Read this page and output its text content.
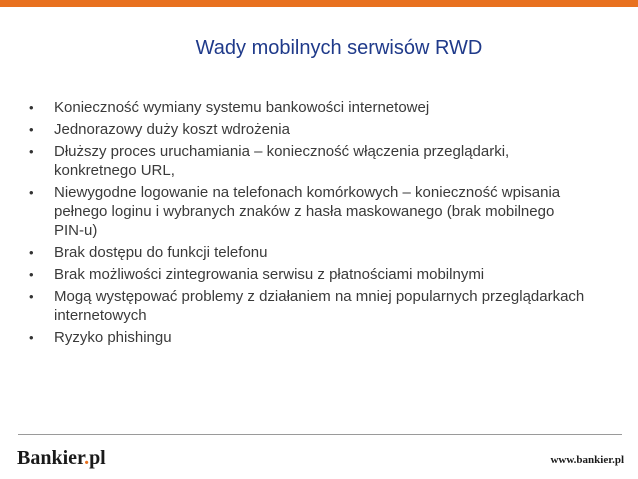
Wady mobilnych serwisów RWD
• Konieczność wymiany systemu bankowości internetowej
• Jednorazowy duży koszt wdrożenia
• Dłuższy proces uruchamiania – konieczność włączenia przeglądarki, konkretnego URL,
• Niewygodne logowanie na telefonach komórkowych – konieczność wpisania pełnego loginu i wybranych znaków z hasła maskowanego (brak mobilnego PIN-u)
• Brak dostępu do funkcji telefonu
• Brak możliwości zintegrowania serwisu z płatnościami mobilnymi
• Mogą występować problemy z działaniem na mniej popularnych przeglądarkach internetowych
• Ryzyko phishingu
Bankier.pl	www.bankier.pl
